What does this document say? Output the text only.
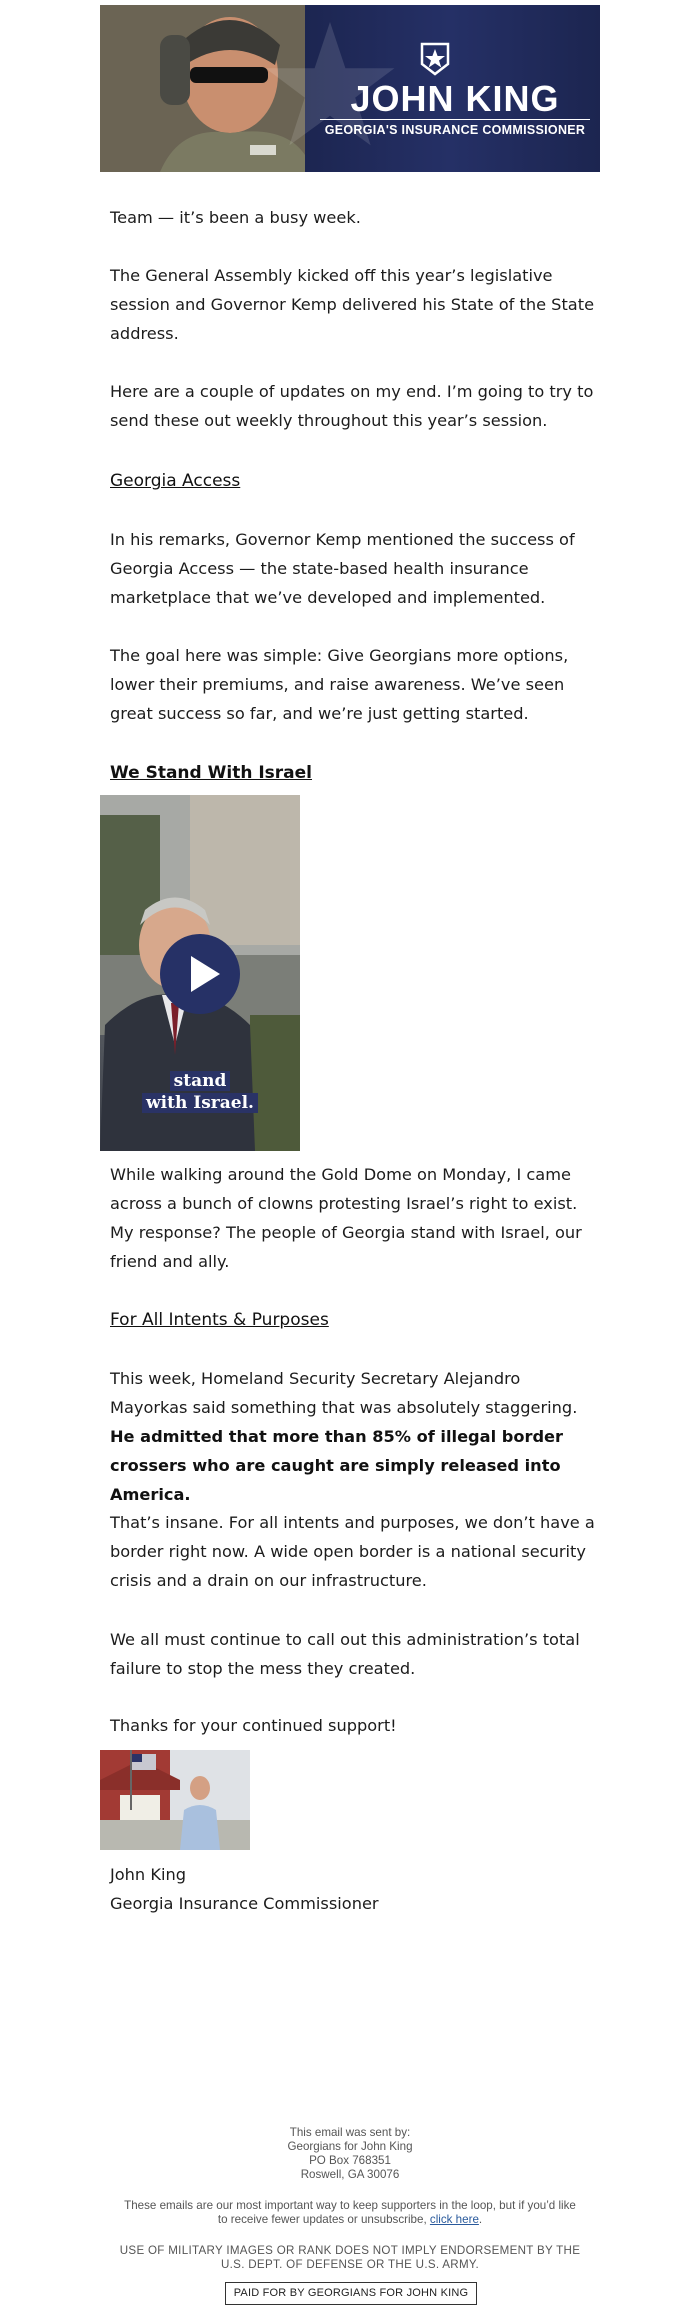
JOHN KING
GEORGIA'S INSURANCE COMMISSIONER

Team — it’s been a busy week.

The General Assembly kicked off this year’s legislative session and Governor Kemp delivered his State of the State address.

Here are a couple of updates on my end. I’m going to try to send these out weekly throughout this year’s session.

Georgia Access

In his remarks, Governor Kemp mentioned the success of Georgia Access — the state-based health insurance marketplace that we’ve developed and implemented.

The goal here was simple: Give Georgians more options, lower their premiums, and raise awareness. We’ve seen great success so far, and we’re just getting started.

We Stand With Israel

stand
with Israel.

While walking around the Gold Dome on Monday, I came across a bunch of clowns protesting Israel’s right to exist. My response? The people of Georgia stand with Israel, our friend and ally.

For All Intents & Purposes

This week, Homeland Security Secretary Alejandro Mayorkas said something that was absolutely staggering. He admitted that more than 85% of illegal border crossers who are caught are simply released into America.

That’s insane. For all intents and purposes, we don’t have a border right now. A wide open border is a national security crisis and a drain on our infrastructure.

We all must continue to call out this administration’s total failure to stop the mess they created.

Thanks for your continued support!

John King

Georgia Insurance Commissioner

This email was sent by:
Georgians for John King
PO Box 768351
Roswell, GA 30076
These emails are our most important way to keep supporters in the loop, but if you’d like to receive fewer updates or unsubscribe, click here.
USE OF MILITARY IMAGES OR RANK DOES NOT IMPLY ENDORSEMENT BY THE U.S. DEPT. OF DEFENSE OR THE U.S. ARMY.
PAID FOR BY GEORGIANS FOR JOHN KING
